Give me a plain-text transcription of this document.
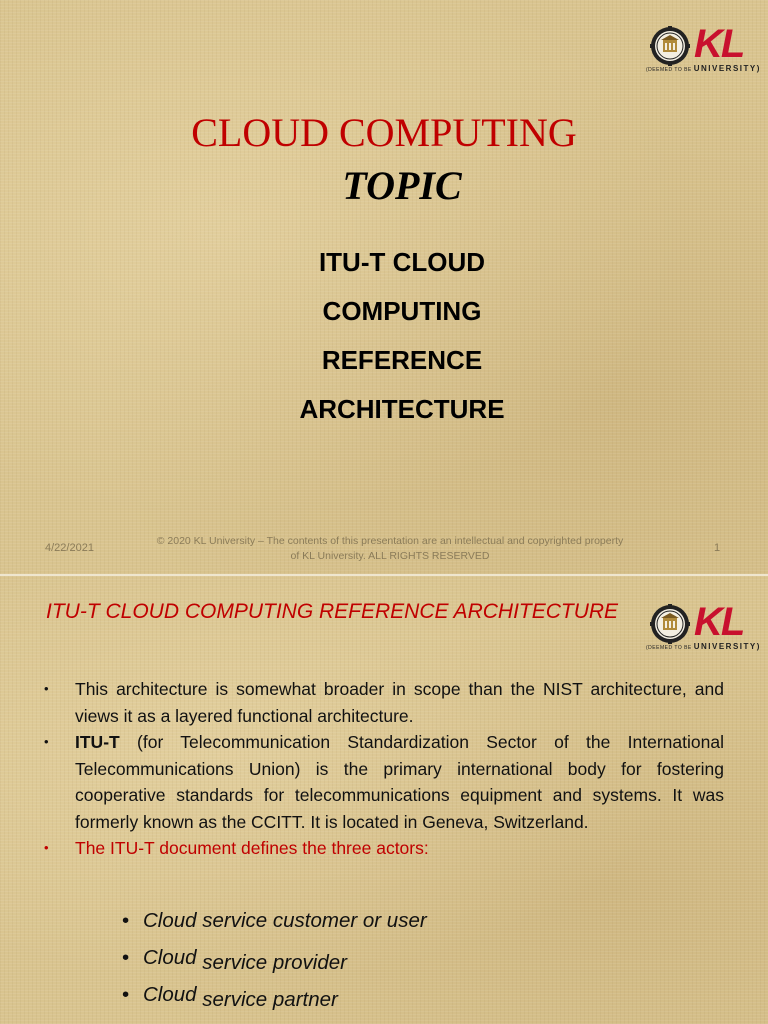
KL
(DEEMED TO BE UNIVERSITY)
CLOUD COMPUTING
TOPIC
ITU-T CLOUD
COMPUTING
REFERENCE
ARCHITECTURE
4/22/2021
© 2020 KL University – The contents of this presentation are an intellectual and copyrighted property
of KL University. ALL RIGHTS RESERVED
1
ITU-T CLOUD COMPUTING REFERENCE ARCHITECTURE KL
(DEEMED TO BE UNIVERSITY)
• This architecture is somewhat broader in scope than the NIST architecture, and views it as a layered functional architecture.
• ITU-T (for Telecommunication Standardization Sector of the International Telecommunications Union) is the primary international body for fostering cooperative standards for telecommunications equipment and systems. It was formerly known as the CCITT. It is located in Geneva, Switzerland.
• The ITU-T document defines the three actors:
• Cloud service customer or user
• Cloud service provider
• Cloud service partner
